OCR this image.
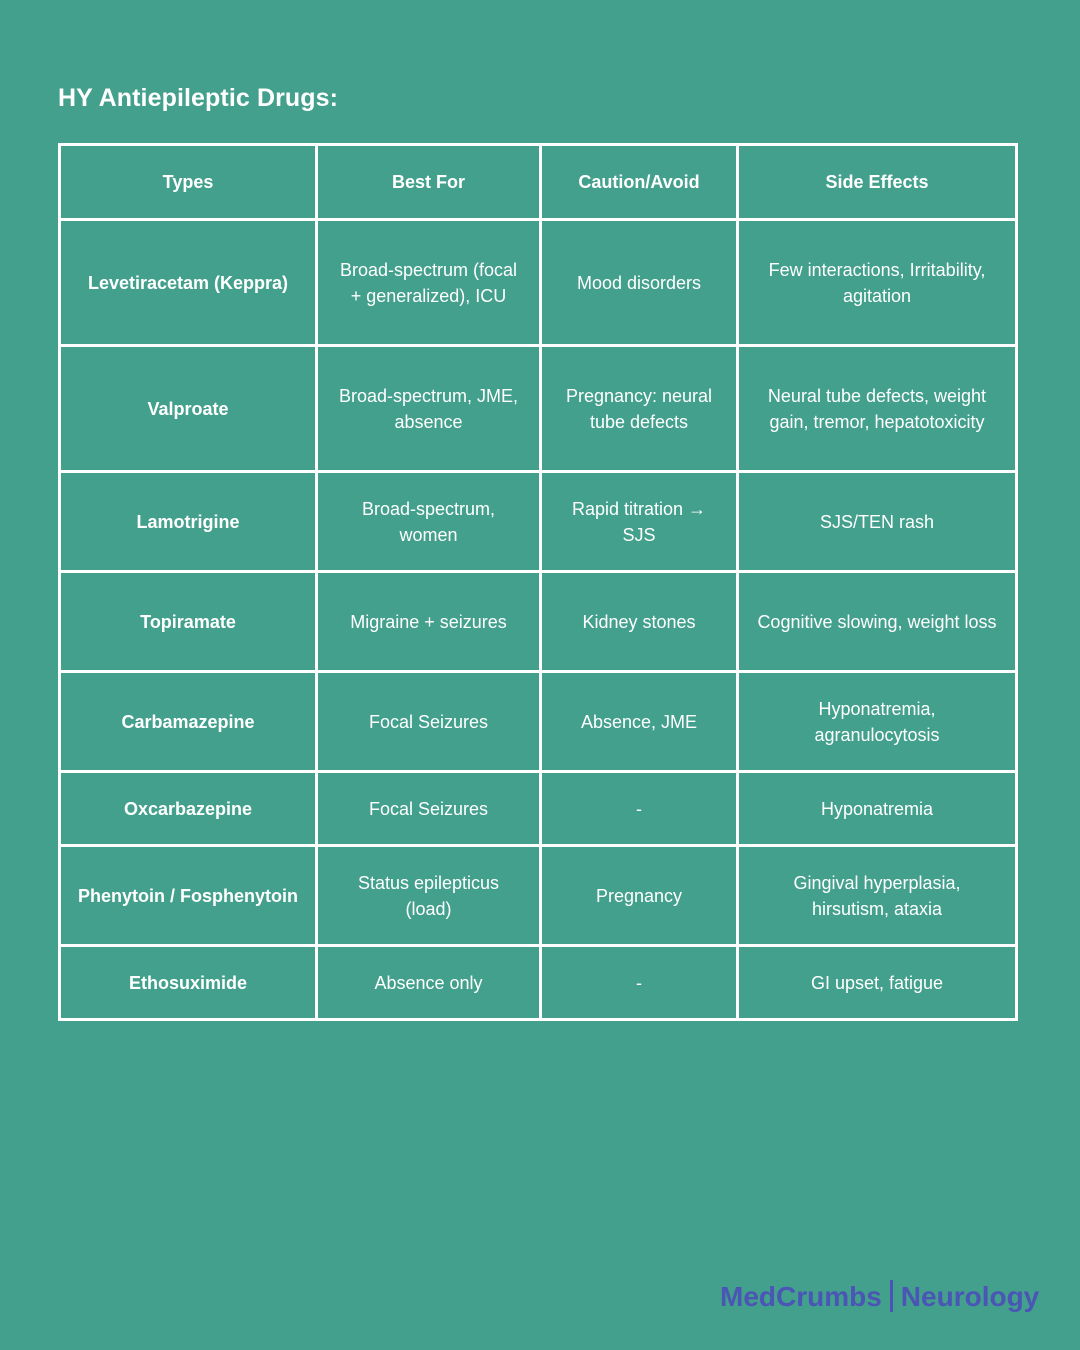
HY Antiepileptic Drugs:
Types	Best For	Caution/Avoid	Side Effects
Levetiracetam (Keppra)	Broad-spectrum (focal + generalized), ICU	Mood disorders	Few interactions, Irritability, agitation
Valproate	Broad-spectrum, JME, absence	Pregnancy: neural tube defects	Neural tube defects, weight gain, tremor, hepatotoxicity
Lamotrigine	Broad-spectrum, women	Rapid titration → SJS	SJS/TEN rash
Topiramate	Migraine + seizures	Kidney stones	Cognitive slowing, weight loss
Carbamazepine	Focal Seizures	Absence, JME	Hyponatremia, agranulocytosis
Oxcarbazepine	Focal Seizures	-	Hyponatremia
Phenytoin / Fosphenytoin	Status epilepticus (load)	Pregnancy	Gingival hyperplasia, hirsutism, ataxia
Ethosuximide	Absence only	-	GI upset, fatigue
MedCrumbs Neurology
